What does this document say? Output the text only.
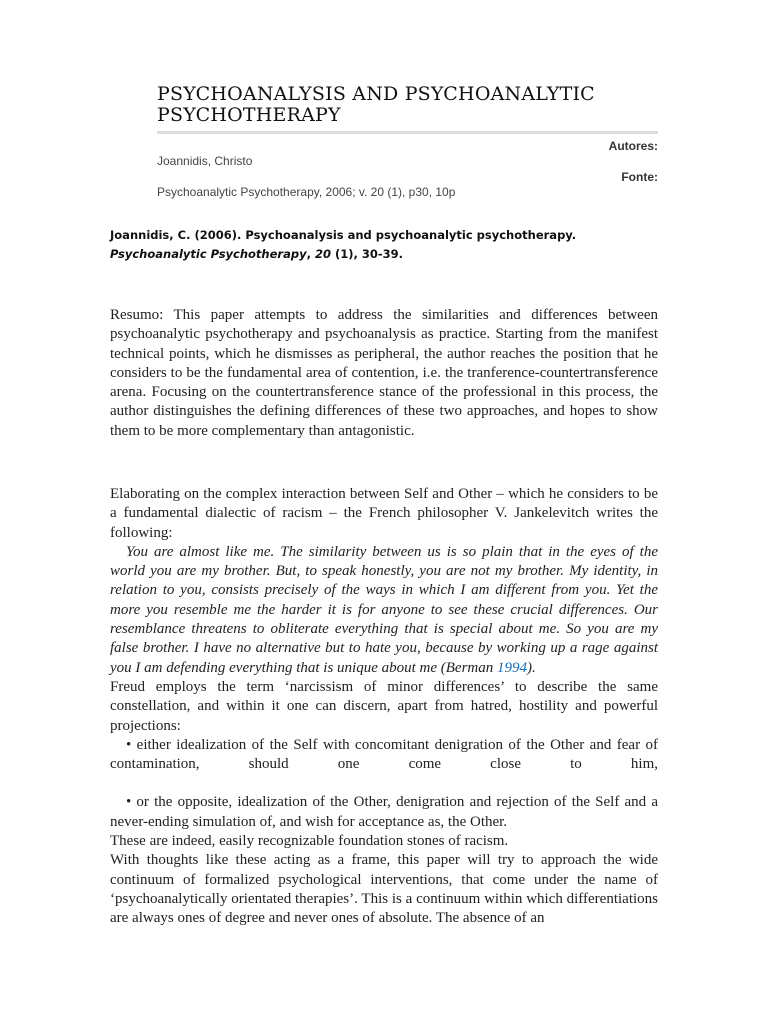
PSYCHOANALYSIS AND PSYCHOANALYTIC PSYCHOTHERAPY
Autores:
Joannidis, Christo
Fonte:
Psychoanalytic Psychotherapy, 2006; v. 20 (1), p30, 10p
Joannidis, C. (2006). Psychoanalysis and psychoanalytic psychotherapy. Psychoanalytic Psychotherapy, 20 (1), 30-39.

Resumo: This paper attempts to address the similarities and differences between psychoanalytic psychotherapy and psychoanalysis as practice. Starting from the manifest technical points, which he dismisses as peripheral, the author reaches the position that he considers to be the fundamental area of contention, i.e. the tranference-countertransference arena. Focusing on the countertransference stance of the professional in this process, the author distinguishes the defining differences of these two approaches, and hopes to show them to be more complementary than antagonistic.

Elaborating on the complex interaction between Self and Other – which he considers to be a fundamental dialectic of racism – the French philosopher V. Jankelevitch writes the following:

You are almost like me. The similarity between us is so plain that in the eyes of the world you are my brother. But, to speak honestly, you are not my brother. My identity, in relation to you, consists precisely of the ways in which I am different from you. Yet the more you resemble me the harder it is for anyone to see these crucial differences. Our resemblance threatens to obliterate everything that is special about me. So you are my false brother. I have no alternative but to hate you, because by working up a rage against you I am defending everything that is unique about me (Berman 1994).

Freud employs the term ‘narcissism of minor differences’ to describe the same constellation, and within it one can discern, apart from hatred, hostility and powerful projections:

• either idealization of the Self with concomitant denigration of the Other and fear of contamination, should one come close to him,

• or the opposite, idealization of the Other, denigration and rejection of the Self and a never-ending simulation of, and wish for acceptance as, the Other.

These are indeed, easily recognizable foundation stones of racism.

With thoughts like these acting as a frame, this paper will try to approach the wide continuum of formalized psychological interventions, that come under the name of ‘psychoanalytically orientated therapies’. This is a continuum within which differentiations are always ones of degree and never ones of absolute. The absence of an
